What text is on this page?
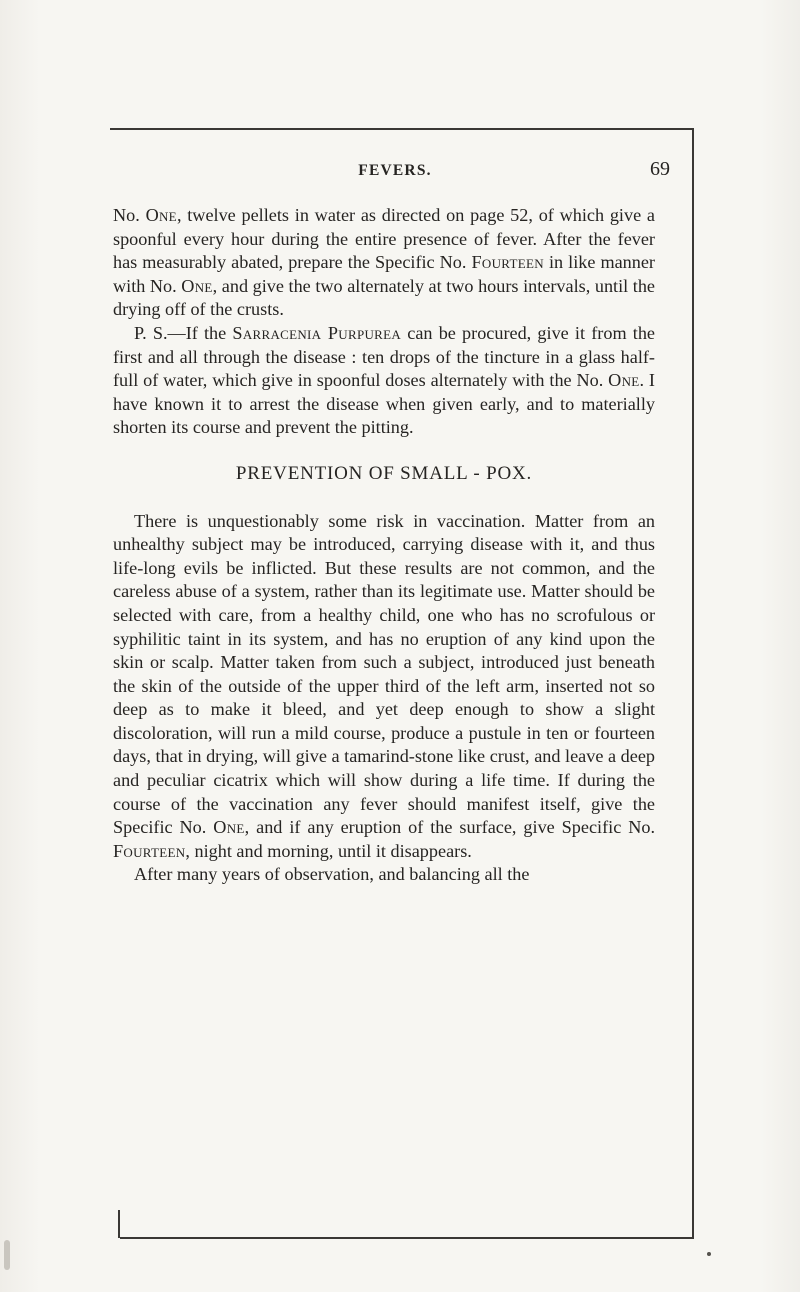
FEVERS.	69

No. One, twelve pellets in water as directed on page 52, of which give a spoonful every hour during the entire presence of fever. After the fever has measurably abated, prepare the Specific No. Fourteen in like manner with No. One, and give the two alternately at two hours intervals, until the drying off of the crusts.

P. S.—If the Sarracenia Purpurea can be procured, give it from the first and all through the disease : ten drops of the tincture in a glass half-full of water, which give in spoonful doses alternately with the No. One. I have known it to arrest the disease when given early, and to materially shorten its course and prevent the pitting.

PREVENTION OF SMALL - POX.

There is unquestionably some risk in vaccination. Matter from an unhealthy subject may be introduced, carrying disease with it, and thus life-long evils be inflicted. But these results are not common, and the careless abuse of a system, rather than its legitimate use. Matter should be selected with care, from a healthy child, one who has no scrofulous or syphilitic taint in its system, and has no eruption of any kind upon the skin or scalp. Matter taken from such a subject, introduced just beneath the skin of the outside of the upper third of the left arm, inserted not so deep as to make it bleed, and yet deep enough to show a slight discoloration, will run a mild course, produce a pustule in ten or fourteen days, that in drying, will give a tamarind-stone like crust, and leave a deep and peculiar cicatrix which will show during a life time. If during the course of the vaccination any fever should manifest itself, give the Specific No. One, and if any eruption of the surface, give Specific No. Fourteen, night and morning, until it disappears.

After many years of observation, and balancing all the
